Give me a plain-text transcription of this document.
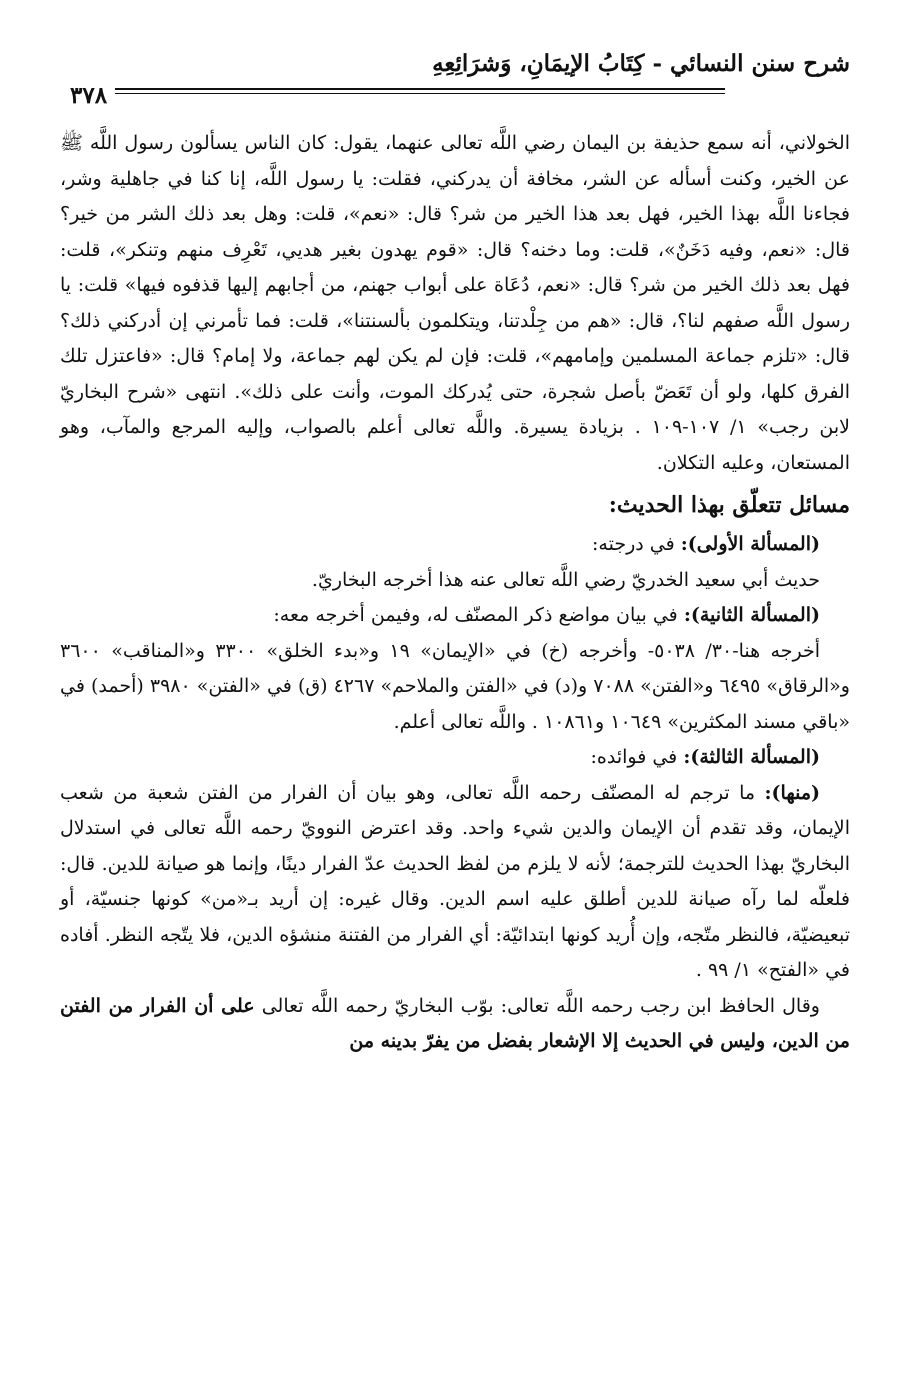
شرح سنن النسائي - كِتَابُ الإيمَانِ، وَشرَائِعِهِ
٣٧٨

الخولاني، أنه سمع حذيفة بن اليمان رضي اللَّه تعالى عنهما، يقول: كان الناس يسألون رسول اللَّه ﷺ عن الخير، وكنت أسأله عن الشر، مخافة أن يدركني، فقلت: يا رسول اللَّه، إنا كنا في جاهلية وشر، فجاءنا اللَّه بهذا الخير، فهل بعد هذا الخير من شر؟ قال: «نعم»، قلت: وهل بعد ذلك الشر من خير؟ قال: «نعم، وفيه دَخَنٌ»، قلت: وما دخنه؟ قال: «قوم يهدون بغير هديي، تَعْرِف منهم وتنكر»، قلت: فهل بعد ذلك الخير من شر؟ قال: «نعم، دُعَاة على أبواب جهنم، من أجابهم إليها قذفوه فيها» قلت: يا رسول اللَّه صفهم لنا؟، قال: «هم من جِلْدتنا، ويتكلمون بألسنتنا»، قلت: فما تأمرني إن أدركني ذلك؟ قال: «تلزم جماعة المسلمين وإمامهم»، قلت: فإن لم يكن لهم جماعة، ولا إمام؟ قال: «فاعتزل تلك الفرق كلها، ولو أن تَعَضّ بأصل شجرة، حتى يُدركك الموت، وأنت على ذلك». انتهى «شرح البخاريّ لابن رجب» ١/ ١٠٧-١٠٩ . بزيادة يسيرة. واللَّه تعالى أعلم بالصواب، وإليه المرجع والمآب، وهو المستعان، وعليه التكلان.

مسائل تتعلّق بهذا الحديث:

(المسألة الأولى): في درجته:

حديث أبي سعيد الخدريّ رضي اللَّه تعالى عنه هذا أخرجه البخاريّ.

(المسألة الثانية): في بيان مواضع ذكر المصنّف له، وفيمن أخرجه معه:

أخرجه هنا-٣٠/ ٥٠٣٨- وأخرجه (خ) في «الإيمان» ١٩ و«بدء الخلق» ٣٣٠٠ و«المناقب» ٣٦٠٠ و«الرقاق» ٦٤٩٥ و«الفتن» ٧٠٨٨ و(د) في «الفتن والملاحم» ٤٢٦٧ (ق) في «الفتن» ٣٩٨٠ (أحمد) في «باقي مسند المكثرين» ١٠٦٤٩ و١٠٨٦١ . واللَّه تعالى أعلم.

(المسألة الثالثة): في فوائده:

(منها): ما ترجم له المصنّف رحمه اللَّه تعالى، وهو بيان أن الفرار من الفتن شعبة من شعب الإيمان، وقد تقدم أن الإيمان والدين شيء واحد. وقد اعترض النوويّ رحمه اللَّه تعالى في استدلال البخاريّ بهذا الحديث للترجمة؛ لأنه لا يلزم من لفظ الحديث عدّ الفرار دينًا، وإنما هو صيانة للدين. قال: فلعلّه لما رآه صيانة للدين أطلق عليه اسم الدين. وقال غيره: إن أريد بـ«من» كونها جنسيّة، أو تبعيضيّة، فالنظر متّجه، وإن أُريد كونها ابتدائيّة: أي الفرار من الفتنة منشؤه الدين، فلا يتّجه النظر. أفاده في «الفتح» ١/ ٩٩ .

وقال الحافظ ابن رجب رحمه اللَّه تعالى: بوّب البخاريّ رحمه اللَّه تعالى على أن الفرار من الفتن من الدين، وليس في الحديث إلا الإشعار بفضل من يفرّ بدينه من
